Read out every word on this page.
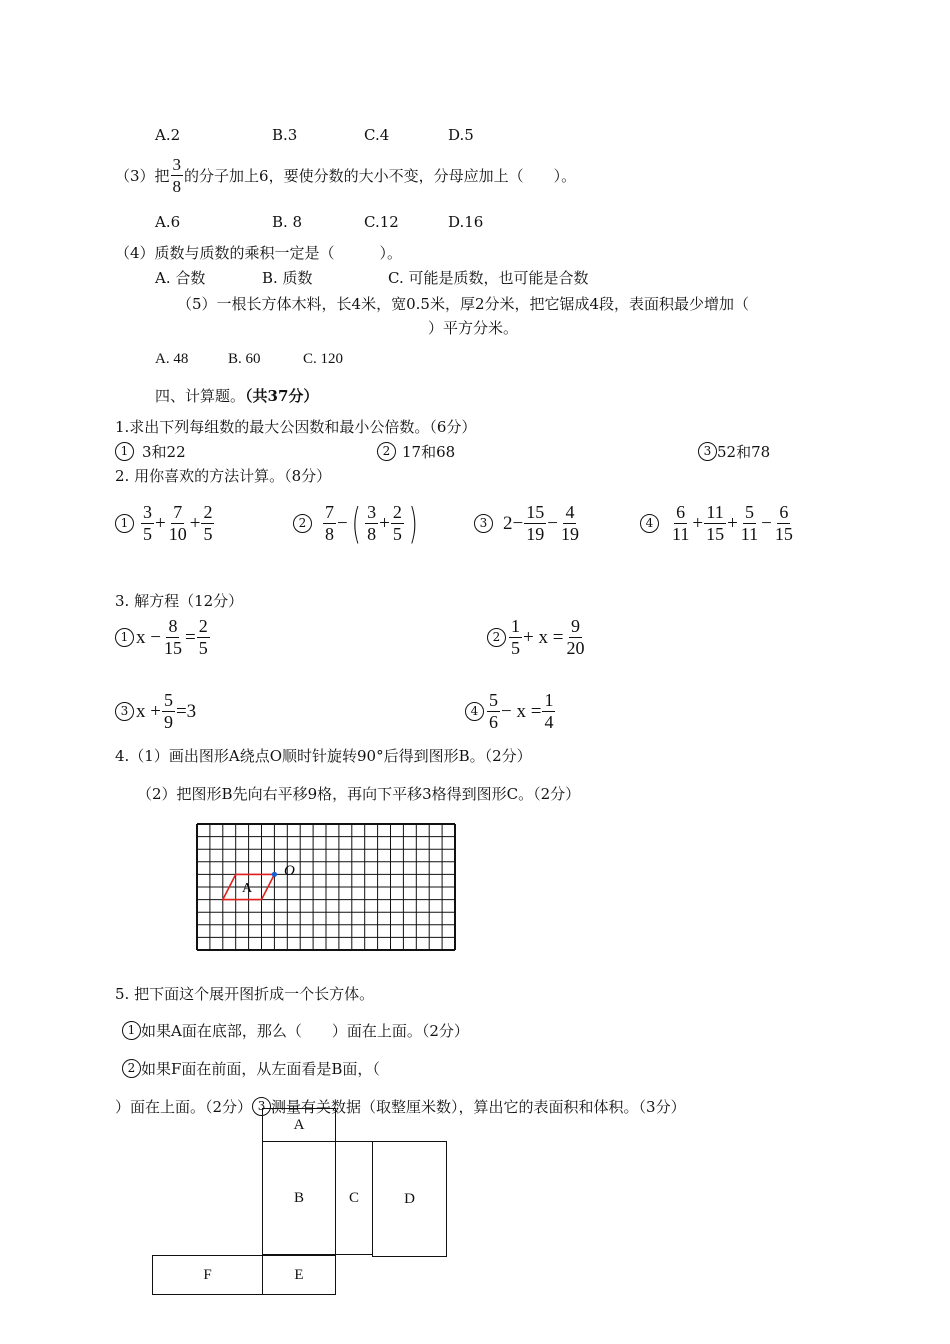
A.2	B.3	C.4	D.5
（3）把
3
8
的分子加上6，要使分数的大小不变，分母应加上（　　）。
A.6	B. 8	C.12	D.16
（4）质数与质数的乘积一定是（　　　）。
A. 合数	B. 质数	C. 可能是质数，也可能是合数
（5）一根长方体木料，长4米，宽0.5米，厚2分米，把它锯成4段，表面积最少增加（
）平方分米。
A. 48	B. 60	C. 120
四、计算题。（共37分）
1.求出下列每组数的最大公因数和最小公倍数。（6分）
1 3和22	2 17和68	3 52和78
2. 用你喜欢的方法计算。（8分）
1
3
5
+ $\frac{7}{10} + \frac{2}{5}$	2
7
8
− ( 3
8
+ $\frac{2}{5}$ )	3 $2- \frac{15}{19} - \frac{4}{19}$	4
6
11
+ $\frac{11}{15} + \frac{5}{11} - \frac{6}{15}$
3. 解方程（12分）
1 $x - \frac{8}{15} = \frac{2}{5}$	2
1
5
+ $x = \frac{9}{20}$
3 $x + \frac{5}{9} =3$	4
5
6
− $x = \frac{1}{4}$
4.（1）画出图形A绕点O顺时针旋转90°后得到图形B。（2分）
（2）把图形B先向右平移9格，再向下平移3格得到图形C。（2分）
A
O
5. 把下面这个展开图折成一个长方体。
1 如果A面在底部，那么（　　）面在上面。（2分）
2 如果F面在前面，从左面看是B面，（
）面在上面。（2分） 3 测量有关数据（取整厘米数），算出它的表面积和体积。（3分）
A
B	C	D
F	E
